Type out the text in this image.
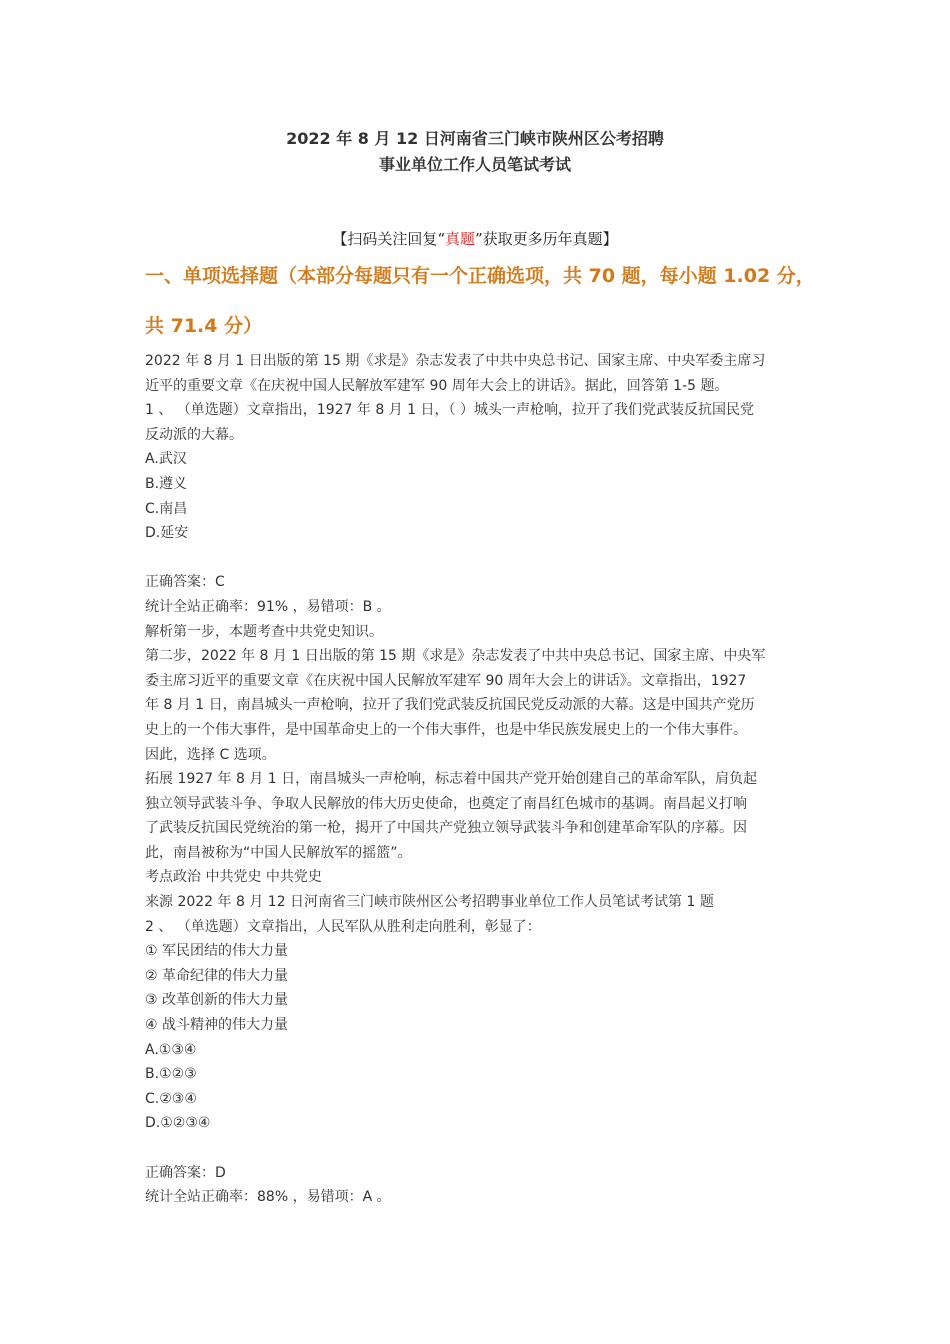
2022 年 8 月 12 日河南省三门峡市陕州区公考招聘
事业单位工作人员笔试考试
【扫码关注回复“真题”获取更多历年真题】
一、单项选择题（本部分每题只有一个正确选项，共 70 题，每小题 1.02 分，
共 71.4 分）

2022 年 8 月 1 日出版的第 15 期《求是》杂志发表了中共中央总书记、国家主席、中央军委主席习

近平的重要文章《在庆祝中国人民解放军建军 90 周年大会上的讲话》。据此，回答第 1-5 题。

1 、 （单选题）文章指出，1927 年 8 月 1 日，（ ）城头一声枪响，拉开了我们党武装反抗国民党

反动派的大幕。

A.武汉

B.遵义

C.南昌

D.延安

正确答案：C

统计全站正确率：91% ，易错项：B 。

解析第一步，本题考查中共党史知识。

第二步，2022 年 8 月 1 日出版的第 15 期《求是》杂志发表了中共中央总书记、国家主席、中央军

委主席习近平的重要文章《在庆祝中国人民解放军建军 90 周年大会上的讲话》。文章指出，1927

年 8 月 1 日，南昌城头一声枪响，拉开了我们党武装反抗国民党反动派的大幕。这是中国共产党历

史上的一个伟大事件，是中国革命史上的一个伟大事件，也是中华民族发展史上的一个伟大事件。

因此，选择 C 选项。

拓展 1927 年 8 月 1 日，南昌城头一声枪响，标志着中国共产党开始创建自己的革命军队，肩负起

独立领导武装斗争、争取人民解放的伟大历史使命，也奠定了南昌红色城市的基调。南昌起义打响

了武装反抗国民党统治的第一枪，揭开了中国共产党独立领导武装斗争和创建革命军队的序幕。因

此，南昌被称为“中国人民解放军的摇篮”。

考点政治 中共党史 中共党史

来源 2022 年 8 月 12 日河南省三门峡市陕州区公考招聘事业单位工作人员笔试考试第 1 题

2 、 （单选题）文章指出，人民军队从胜利走向胜利，彰显了：

① 军民团结的伟大力量

② 革命纪律的伟大力量

③ 改革创新的伟大力量

④ 战斗精神的伟大力量

A.①③④

B.①②③

C.②③④

D.①②③④

正确答案：D

统计全站正确率：88% ，易错项：A 。
